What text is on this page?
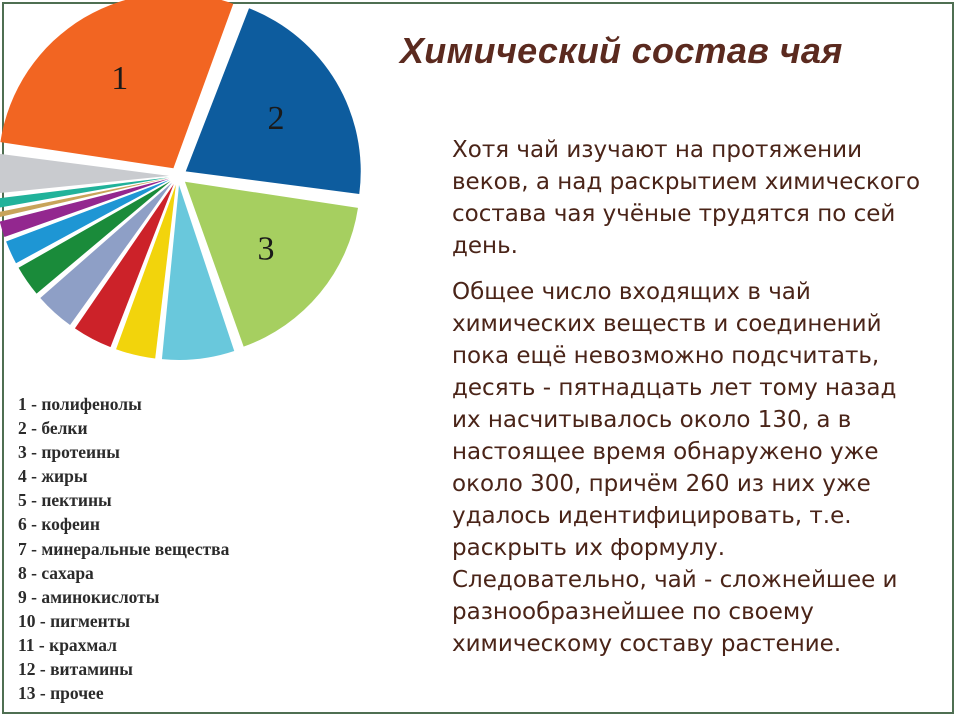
1
2
3
1 - полифенолы
2 - белки
3 - протеины
4 - жиры
5 - пектины
6 - кофеин
7 - минеральные вещества
8 - сахара
9 - аминокислоты
10 - пигменты
11 - крахмал
12 - витамины
13 - прочее
Химический состав чая

Хотя чай изучают на протяжении веков, а над раскрытием химического состава чая учёные трудятся по сей день.

Общее число входящих в чай химических веществ и соединений пока ещё невозможно подсчитать, десять - пятнадцать лет тому назад их насчитывалось около 130, а в настоящее время обнаружено уже около 300, причём 260 из них уже удалось идентифицировать, т.е. раскрыть их формулу. Следовательно, чай - сложнейшее и разнообразнейшее по своему химическому составу растение.
